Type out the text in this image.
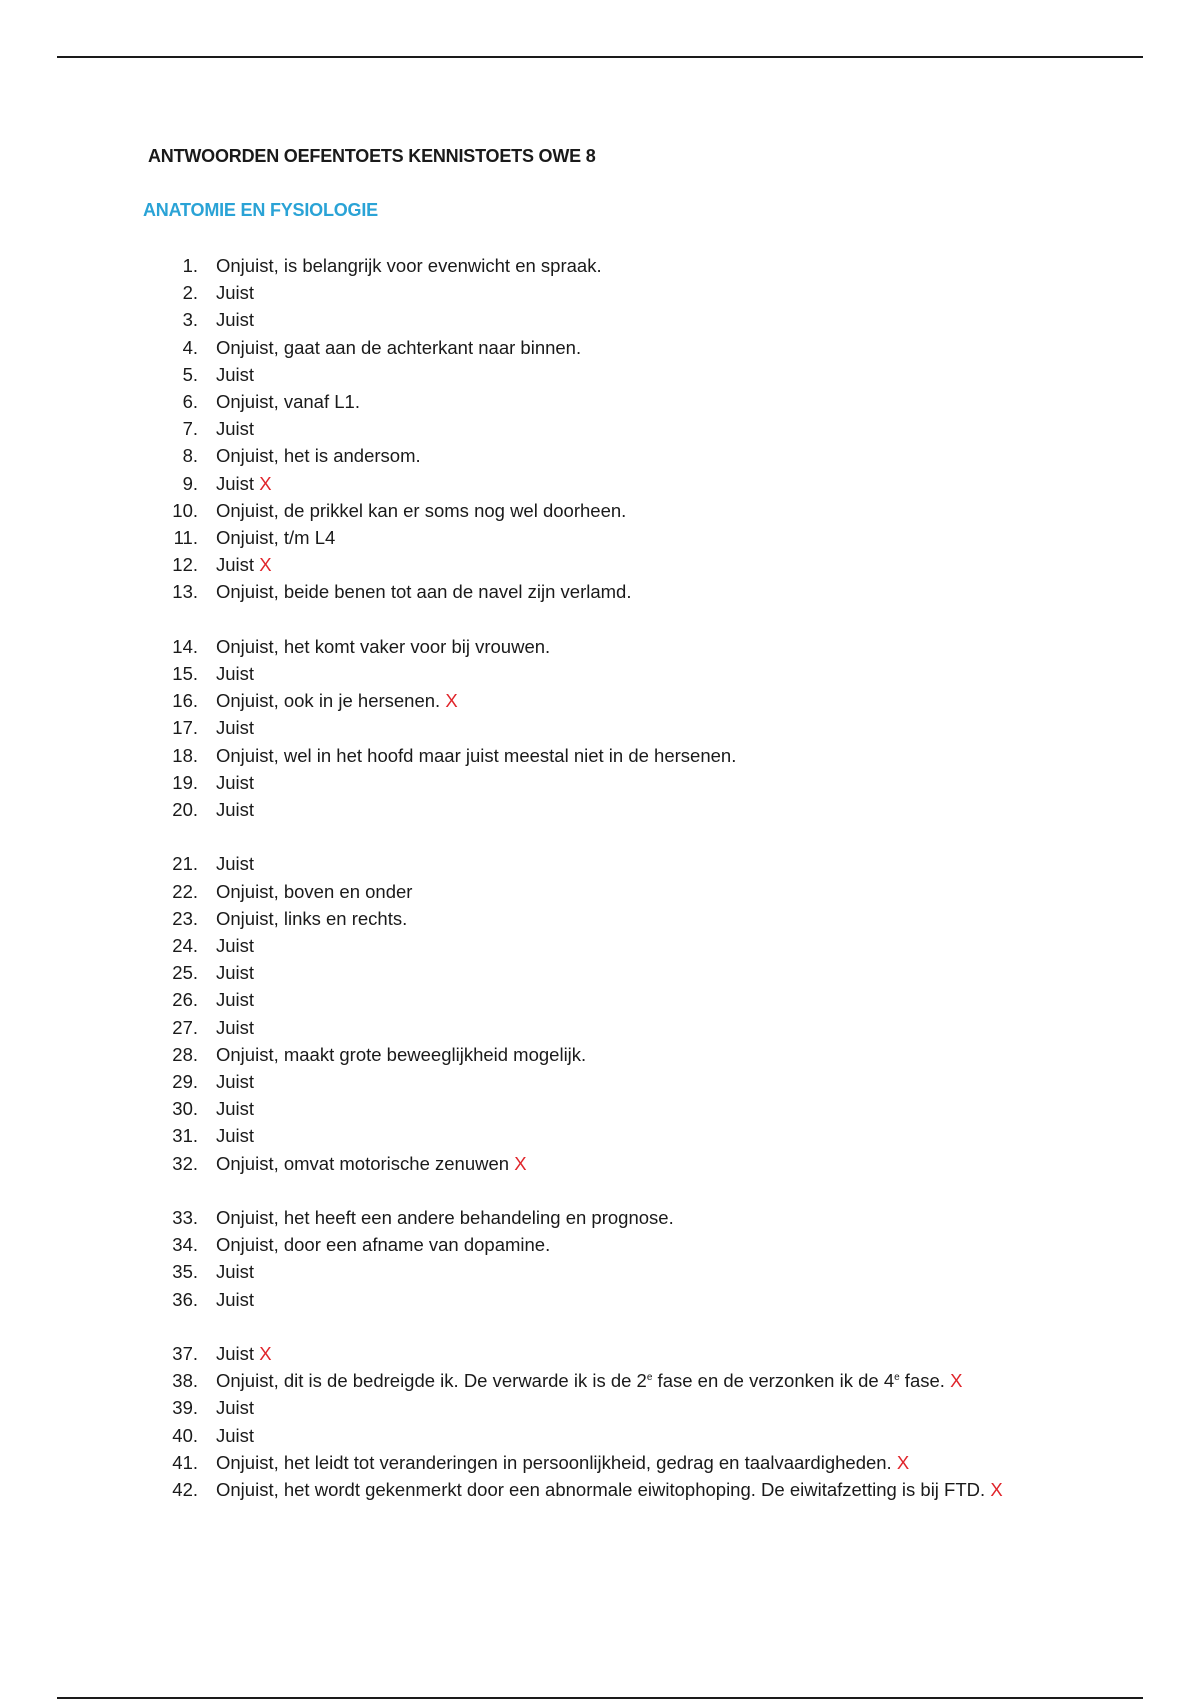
ANTWOORDEN OEFENTOETS KENNISTOETS OWE 8
ANATOMIE EN FYSIOLOGIE
1. Onjuist, is belangrijk voor evenwicht en spraak.
2. Juist
3. Juist
4. Onjuist, gaat aan de achterkant naar binnen.
5. Juist
6. Onjuist, vanaf L1.
7. Juist
8. Onjuist, het is andersom.
9. Juist X
10. Onjuist, de prikkel kan er soms nog wel doorheen.
11. Onjuist, t/m L4
12. Juist X
13. Onjuist, beide benen tot aan de navel zijn verlamd.
14. Onjuist, het komt vaker voor bij vrouwen.
15. Juist
16. Onjuist, ook in je hersenen. X
17. Juist
18. Onjuist, wel in het hoofd maar juist meestal niet in de hersenen.
19. Juist
20. Juist
21. Juist
22. Onjuist, boven en onder
23. Onjuist, links en rechts.
24. Juist
25. Juist
26. Juist
27. Juist
28. Onjuist, maakt grote beweeglijkheid mogelijk.
29. Juist
30. Juist
31. Juist
32. Onjuist, omvat motorische zenuwen X
33. Onjuist, het heeft een andere behandeling en prognose.
34. Onjuist, door een afname van dopamine.
35. Juist
36. Juist
37. Juist X
38. Onjuist, dit is de bedreigde ik. De verwarde ik is de 2e fase en de verzonken ik de 4e fase. X
39. Juist
40. Juist
41. Onjuist, het leidt tot veranderingen in persoonlijkheid, gedrag en taalvaardigheden. X
42. Onjuist, het wordt gekenmerkt door een abnormale eiwitophoping. De eiwitafzetting is bij FTD. X
